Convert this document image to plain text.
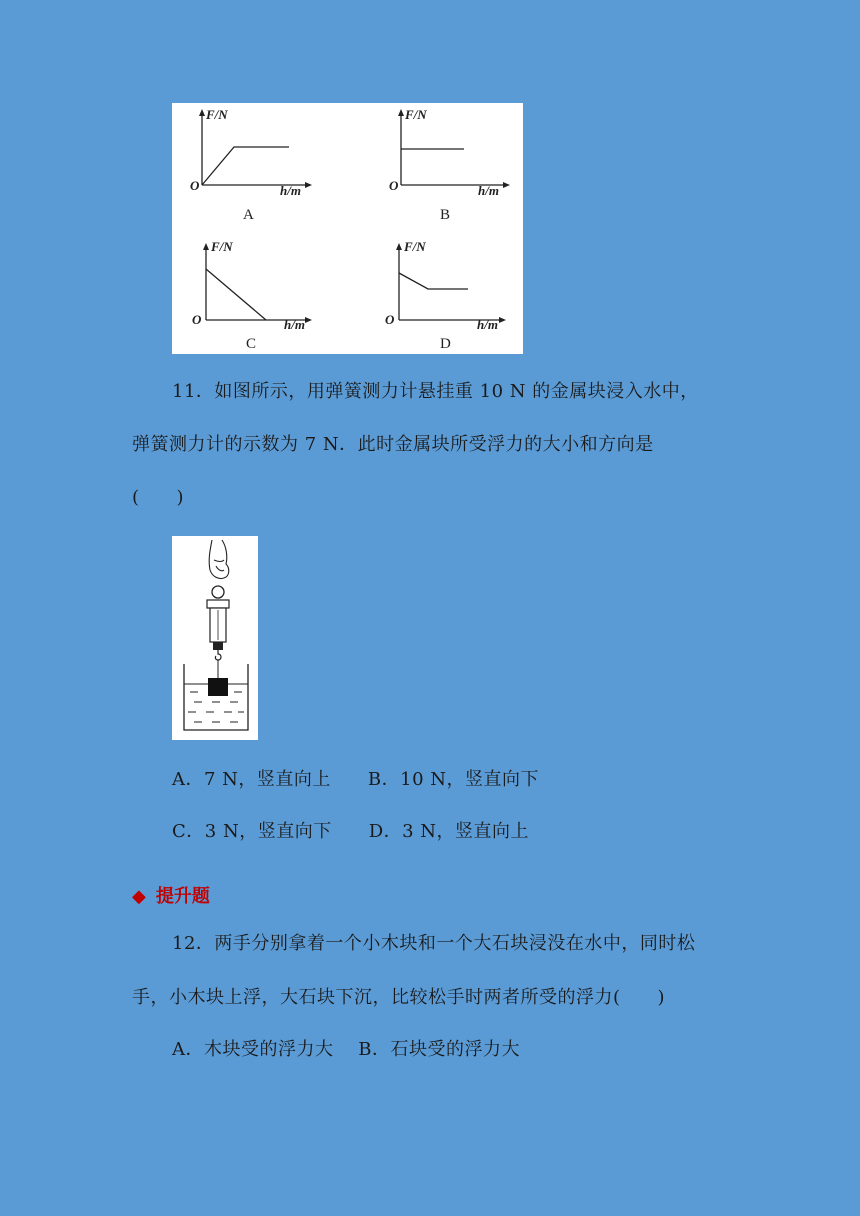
F/N
h/m
O
A
F/N
h/m
O
B
F/N
h/m
O
C
F/N
h/m
O
D
11．如图所示，用弹簧测力计悬挂重 10 N 的金属块浸入水中，
弹簧测力计的示数为 7 N．此时金属块所受浮力的大小和方向是
(　　)
A．7 N，竖直向上　　B．10 N，竖直向下
C．3 N，竖直向下　　D．3 N，竖直向上
◆ 提升题
12．两手分别拿着一个小木块和一个大石块浸没在水中，同时松
手，小木块上浮，大石块下沉，比较松手时两者所受的浮力(　　)
A．木块受的浮力大　 B．石块受的浮力大
